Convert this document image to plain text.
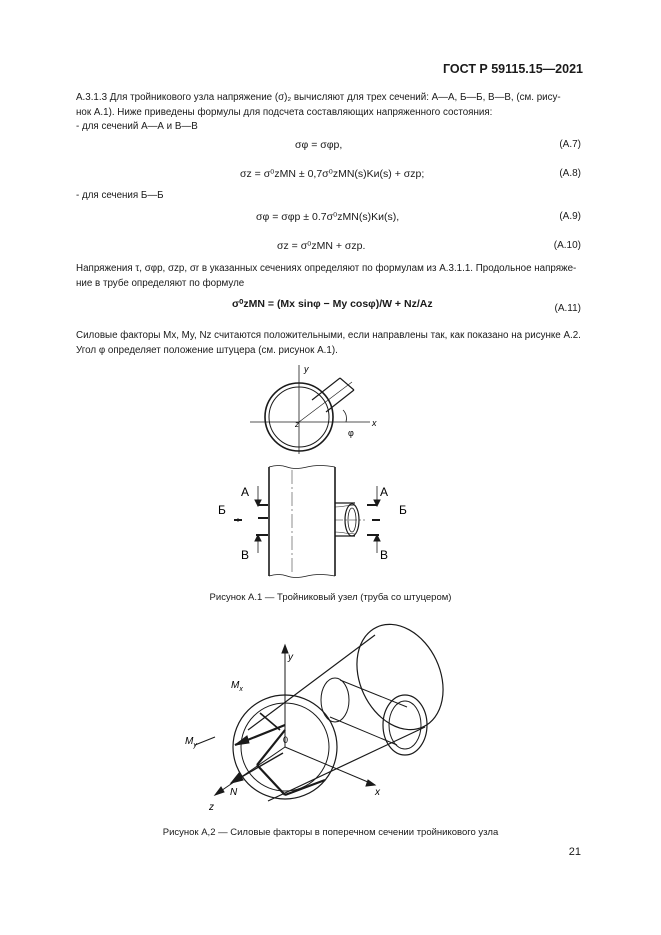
ГОСТ Р 59115.15—2021
А.3.1.3 Для тройникового узла напряжение (σ)₂ вычисляют для трех сечений: А—А, Б—Б, В—В, (см. рису-
нок А.1). Ниже приведены формулы для подсчета составляющих напряженного состояния:
- для сечений А—А и В—В
σφ = σφр,	(А.7)
σz = σ⁰zMN ± 0,7σ⁰zMN(s)Kи(s) + σzр;	(А.8)
- для сечения Б—Б
σφ = σφр ± 0.7σ⁰zMN(s)Kи(s),	(А.9)
σz = σ⁰zMN + σzр.	(А.10)
Напряжения τ, σφр, σzр, σr в указанных сечениях определяют по формулам из А.3.1.1. Продольное напряже-
ние в трубе определяют по формуле
σ⁰zMN = (Mx sinφ − My cosφ)/W + Nz/Az	(А.11)
Силовые факторы Mx, My, Nz считаются положительными, если направлены так, как показано на рисунке А.2.
Угол φ определяет положение штуцера (см. рисунок А.1).
y
x
z
φ
А
Б
В
А
Б
В
Рисунок А.1 — Тройниковый узел (труба со штуцером)
y
x
z
0
$M_x$
$M_y$
N
Рисунок А,2 — Силовые факторы в поперечном сечении тройникового узла
21
